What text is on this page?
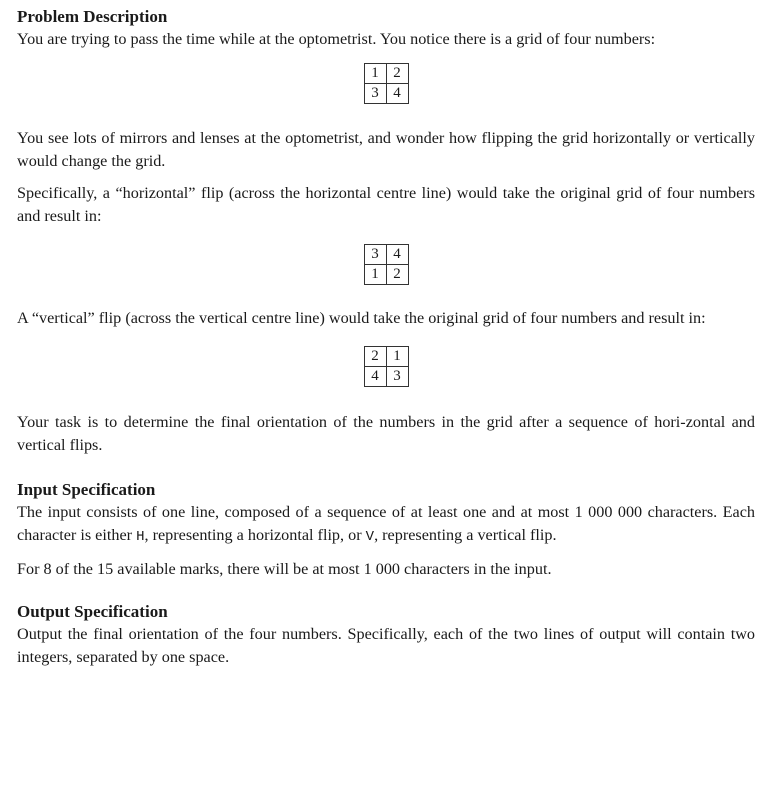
Problem Description

You are trying to pass the time while at the optometrist. You notice there is a grid of four numbers:

1	2
3	4

You see lots of mirrors and lenses at the optometrist, and wonder how flipping the grid horizontally or vertically would change the grid.

Specifically, a “horizontal” flip (across the horizontal centre line) would take the original grid of four numbers and result in:

3	4
1	2

A “vertical” flip (across the vertical centre line) would take the original grid of four numbers and result in:

2	1
4	3

Your task is to determine the final orientation of the numbers in the grid after a sequence of hori-zontal and vertical flips.

Input Specification

The input consists of one line, composed of a sequence of at least one and at most 1 000 000 characters. Each character is either H, representing a horizontal flip, or V, representing a vertical flip.

For 8 of the 15 available marks, there will be at most 1 000 characters in the input.

Output Specification

Output the final orientation of the four numbers. Specifically, each of the two lines of output will contain two integers, separated by one space.
